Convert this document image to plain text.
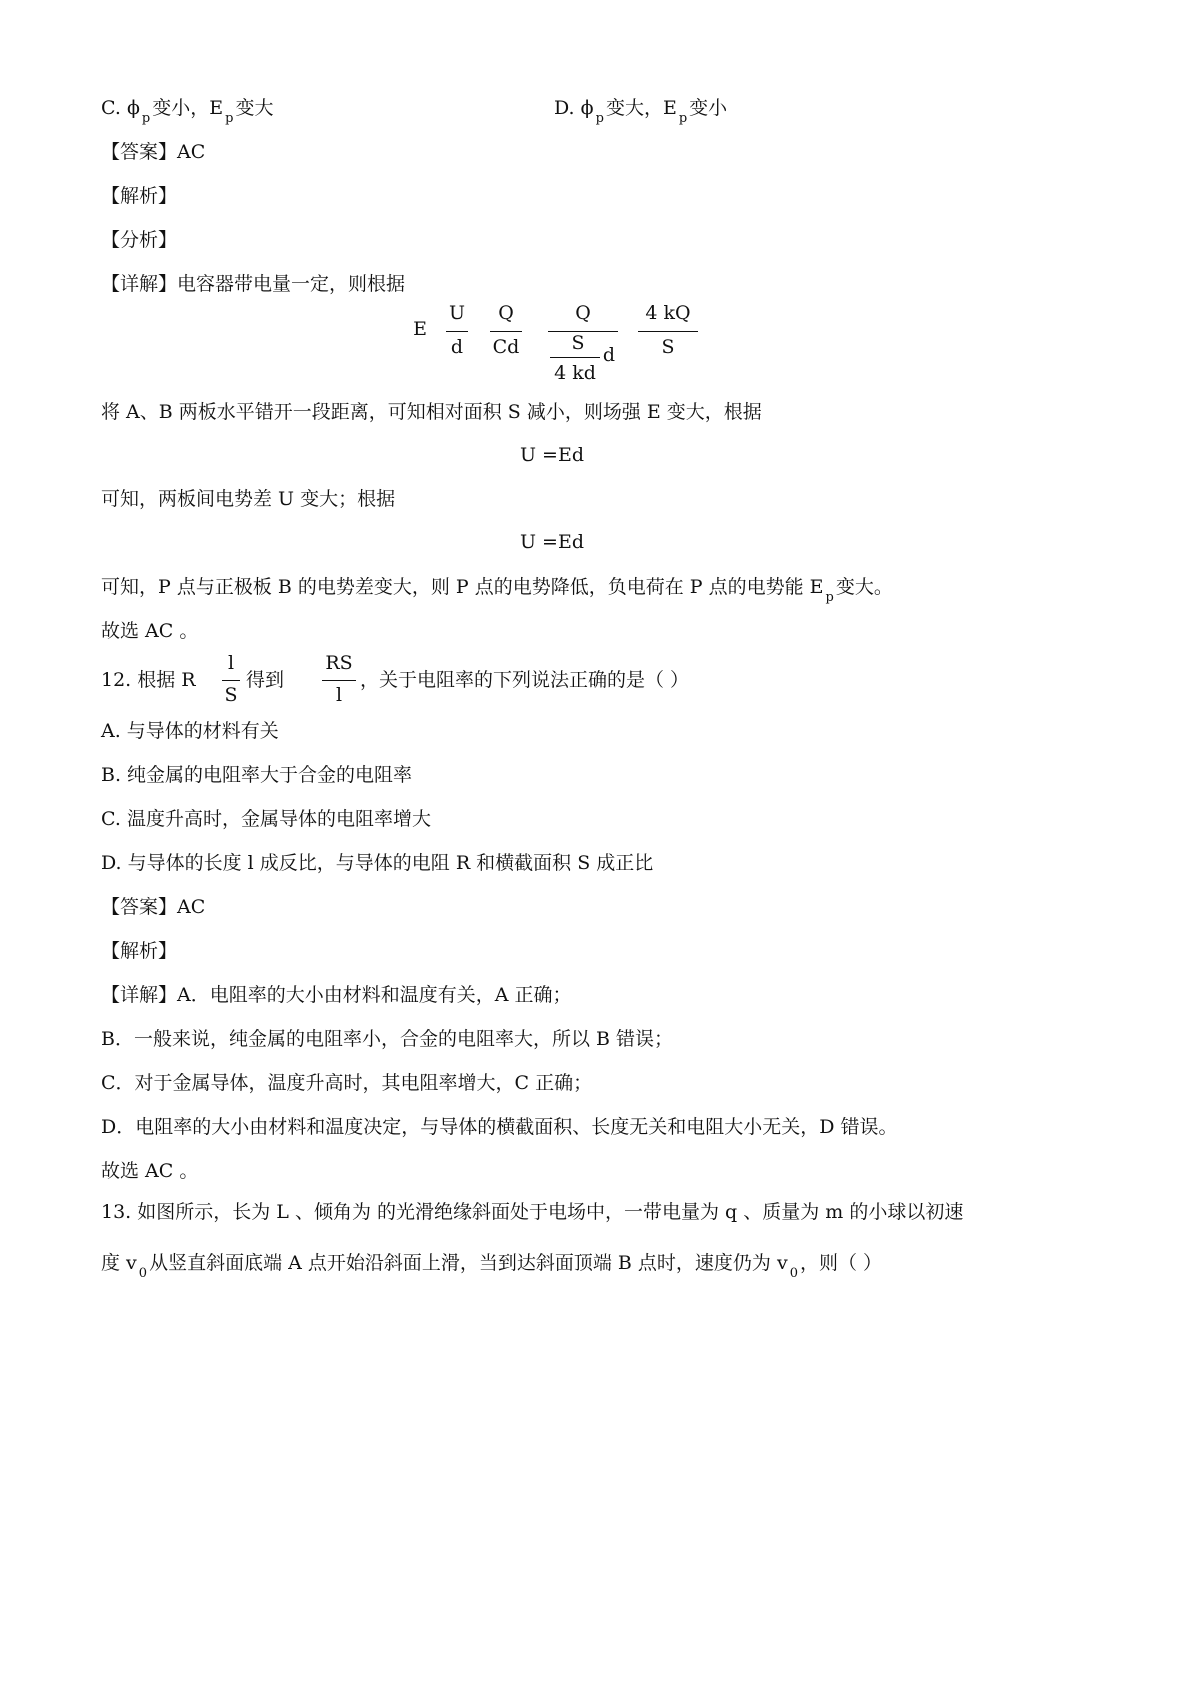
C. ϕ $_p$ 变小，E $_p$ 变大	D. ϕ $_p$ 变大，E $_p$ 变小
【答案】AC
【解析】
【分析】
【详解】电容器带电量一定，则根据
E
U
d
Q
Cd
Q
S
4 kd
d
4 kQ
S
将 A、B 两板水平错开一段距离，可知相对面积 S 减小，则场强 E 变大，根据
U =Ed
可知，两板间电势差 U 变大；根据
U =Ed
可知，P 点与正极板 B 的电势差变大，则 P 点的电势降低，负电荷在 P 点的电势能 E $_p$ 变大。
故选 AC 。
12. 根据 R
l
S
得到
RS
l
，关于电阻率的下列说法正确的是（ ）
A. 与导体的材料有关
B. 纯金属的电阻率大于合金的电阻率
C. 温度升高时，金属导体的电阻率增大
D. 与导体的长度 l 成反比，与导体的电阻 R 和横截面积 S 成正比
【答案】AC
【解析】
【详解】A．电阻率的大小由材料和温度有关，A 正确；
B．一般来说，纯金属的电阻率小，合金的电阻率大，所以 B 错误；
C．对于金属导体，温度升高时，其电阻率增大，C 正确；
D．电阻率的大小由材料和温度决定，与导体的横截面积、长度无关和电阻大小无关，D 错误。
故选 AC 。
13. 如图所示，长为 L 、倾角为 的光滑绝缘斜面处于电场中，一带电量为 q 、质量为 m 的小球以初速
度 v $_0$ 从竖直斜面底端 A 点开始沿斜面上滑，当到达斜面顶端 B 点时，速度仍为 v $_0$ ，则（ ）
